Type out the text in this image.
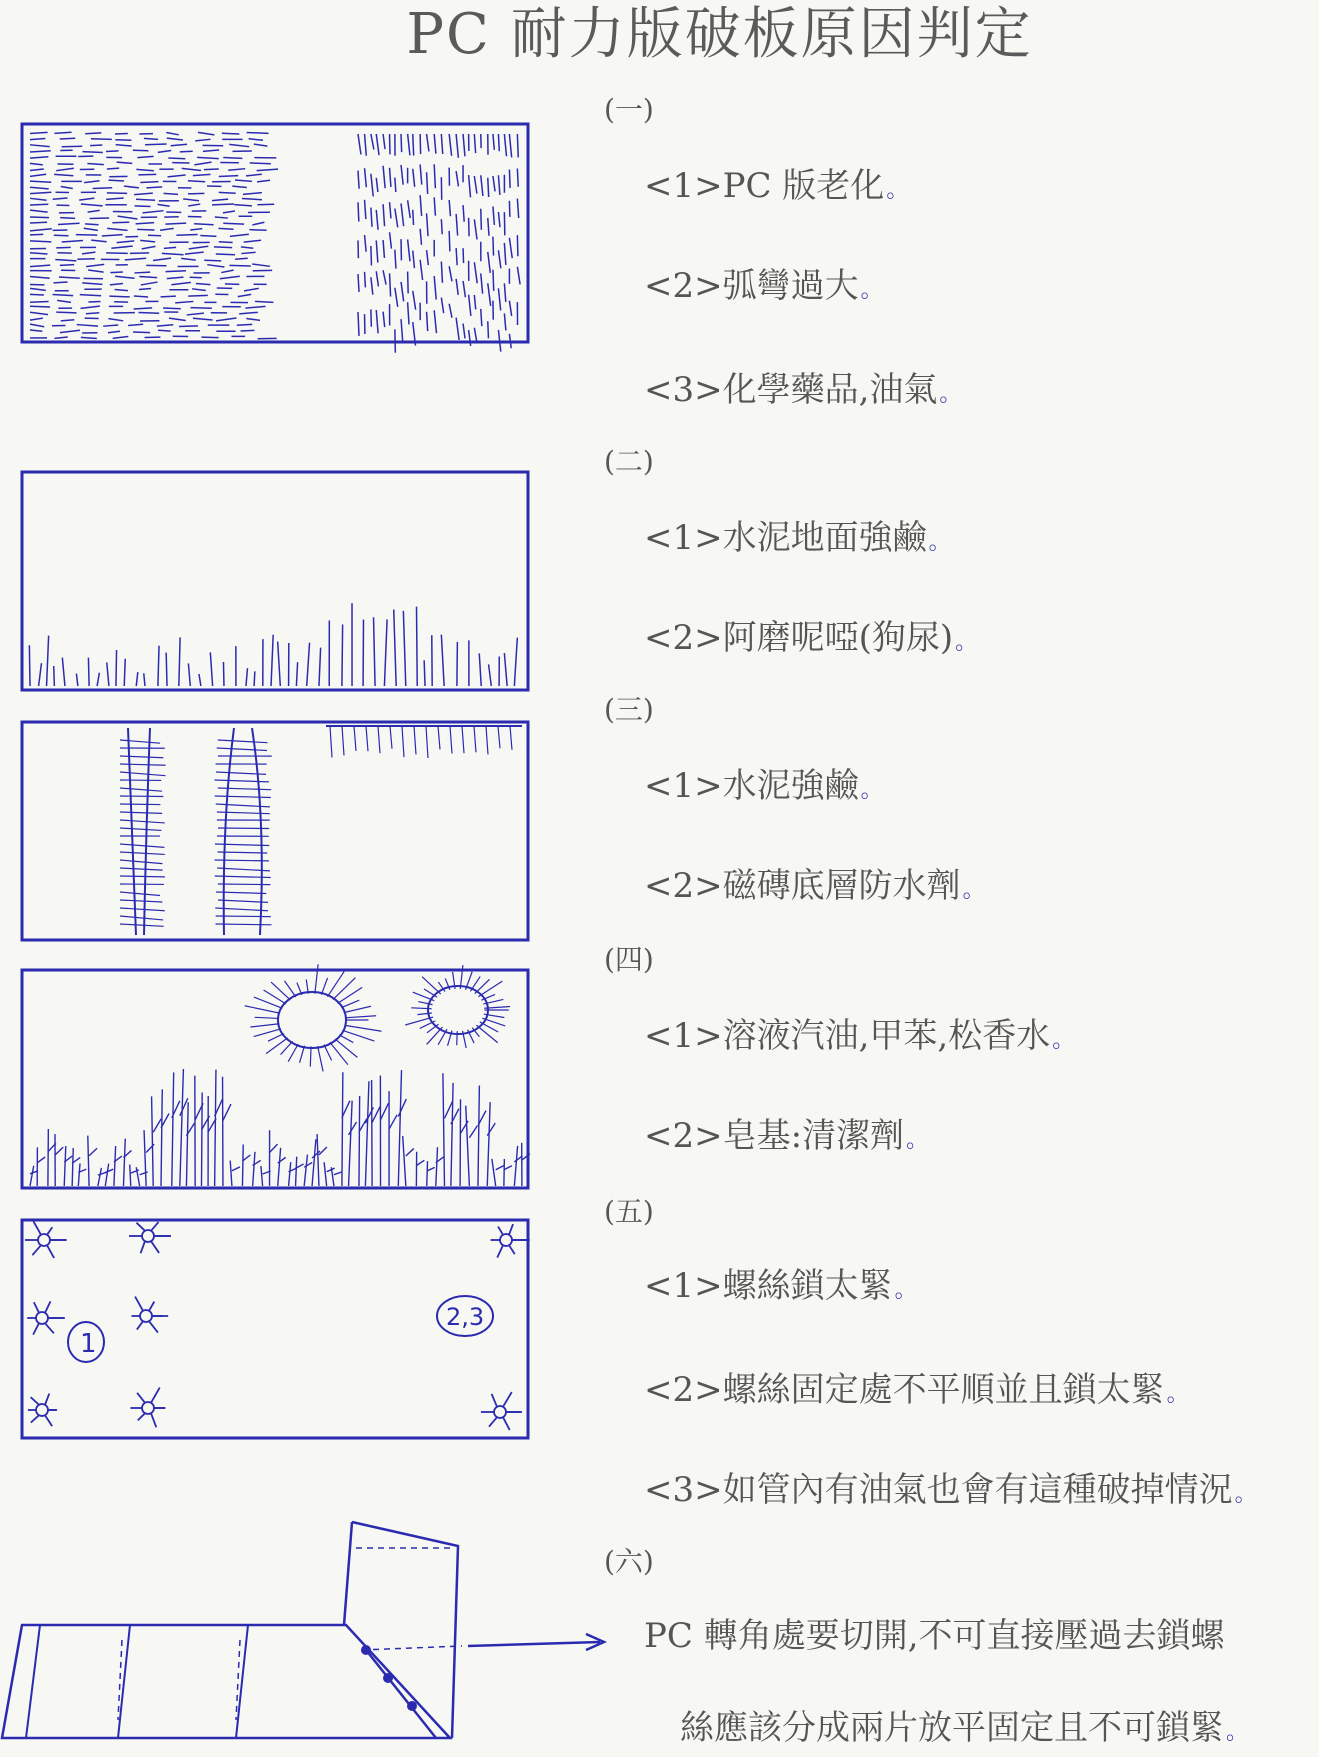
PC 耐力版破板原因判定
(一)
<1>PC 版老化。
<2>弧彎過大。
<3>化學藥品,油氣。
(二)
<1>水泥地面強鹼。
<2>阿磨呢啞(狗尿)。
(三)
<1>水泥強鹼。
<2>磁磚底層防水劑。
(四)
<1>溶液汽油,甲苯,松香水。
<2>皂基:清潔劑。
(五)
<1>螺絲鎖太緊。
<2>螺絲固定處不平順並且鎖太緊。
<3>如管內有油氣也會有這種破掉情況。
(六)
PC 轉角處要切開,不可直接壓過去鎖螺
絲應該分成兩片放平固定且不可鎖緊。
1
2,3
